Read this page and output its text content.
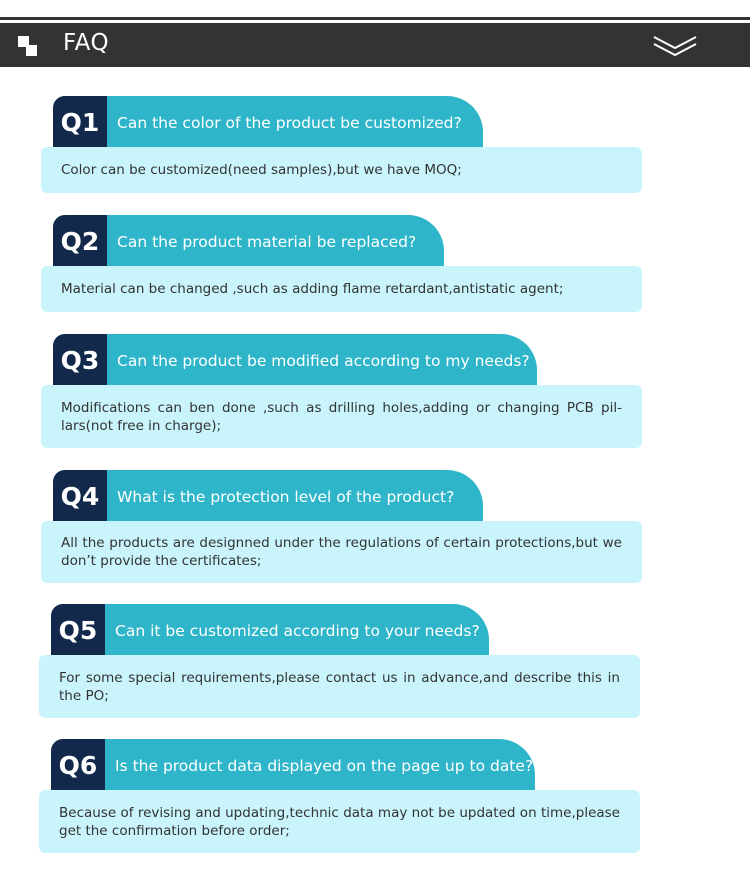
FAQ
Q1	Can the color of the product be customized?
Color can be customized(need samples),but we have MOQ;
Q2	Can the product material be replaced?
Material can be changed ,such as adding flame retardant,antistatic agent;
Q3	Can the product be modified according to my needs?
Modifications can ben done ,such as drilling holes,adding or changing PCB pil-lars(not free in charge);
Q4	What is the protection level of the product?
All the products are designned under the regulations of certain protections,but we don’t provide the certificates;
Q5	Can it be customized according to your needs?
For some special requirements,please contact us in advance,and describe this in the PO;
Q6	Is the product data displayed on the page up to date?
Because of revising and updating,technic data may not be updated on time,please get the confirmation before order;
